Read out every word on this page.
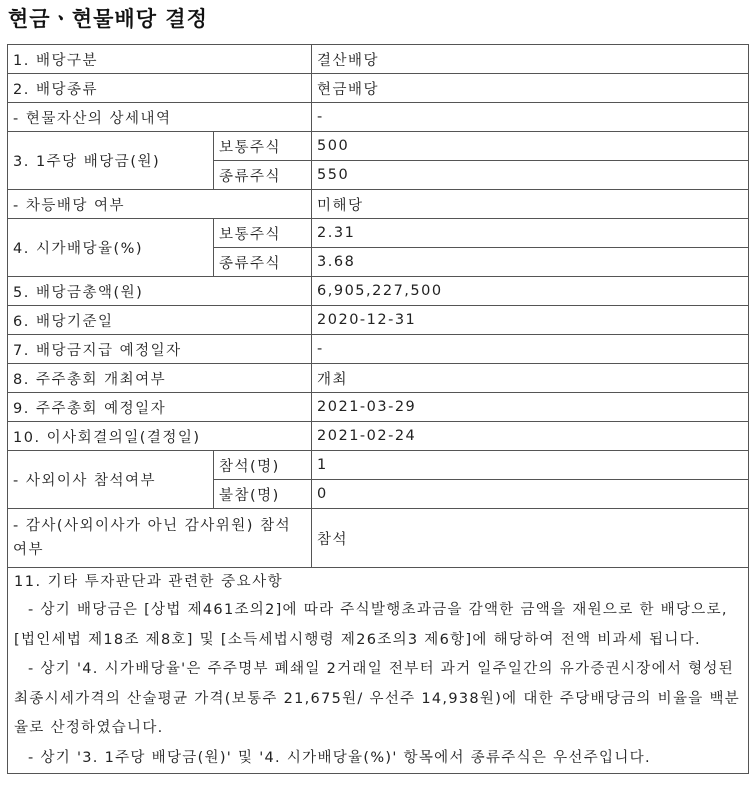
현금ㆍ현물배당 결정
1. 배당구분		결산배당
2. 배당종류		현금배당
- 현물자산의 상세내역		-
3. 1주당 배당금(원)	보통주식	500
	종류주식	550
- 차등배당 여부		미해당
4. 시가배당율(%)	보통주식	2.31
	종류주식	3.68
5. 배당금총액(원)		6,905,227,500
6. 배당기준일		2020-12-31
7. 배당금지급 예정일자		-
8. 주주총회 개최여부		개최
9. 주주총회 예정일자		2021-03-29
10. 이사회결의일(결정일)		2021-02-24
- 사외이사 참석여부	참석(명)	1
	불참(명)	0
- 감사(사외이사가 아닌 감사위원) 참석여부		참석

11. 기타 투자판단과 관련한 중요사항

- 상기 배당금은 [상법 제461조의2]에 따라 주식발행초과금을 감액한 금액을 재원으로 한 배당으로, [법인세법 제18조 제8호] 및 [소득세법시행령 제26조의3 제6항]에 해당하여 전액 비과세 됩니다.

- 상기 '4. 시가배당율'은 주주명부 폐쇄일 2거래일 전부터 과거 일주일간의 유가증권시장에서 형성된 최종시세가격의 산술평균 가격(보통주 21,675원/ 우선주 14,938원)에 대한 주당배당금의 비율을 백분율로 산정하였습니다.

- 상기 '3. 1주당 배당금(원)' 및 '4. 시가배당율(%)' 항목에서 종류주식은 우선주입니다.		
